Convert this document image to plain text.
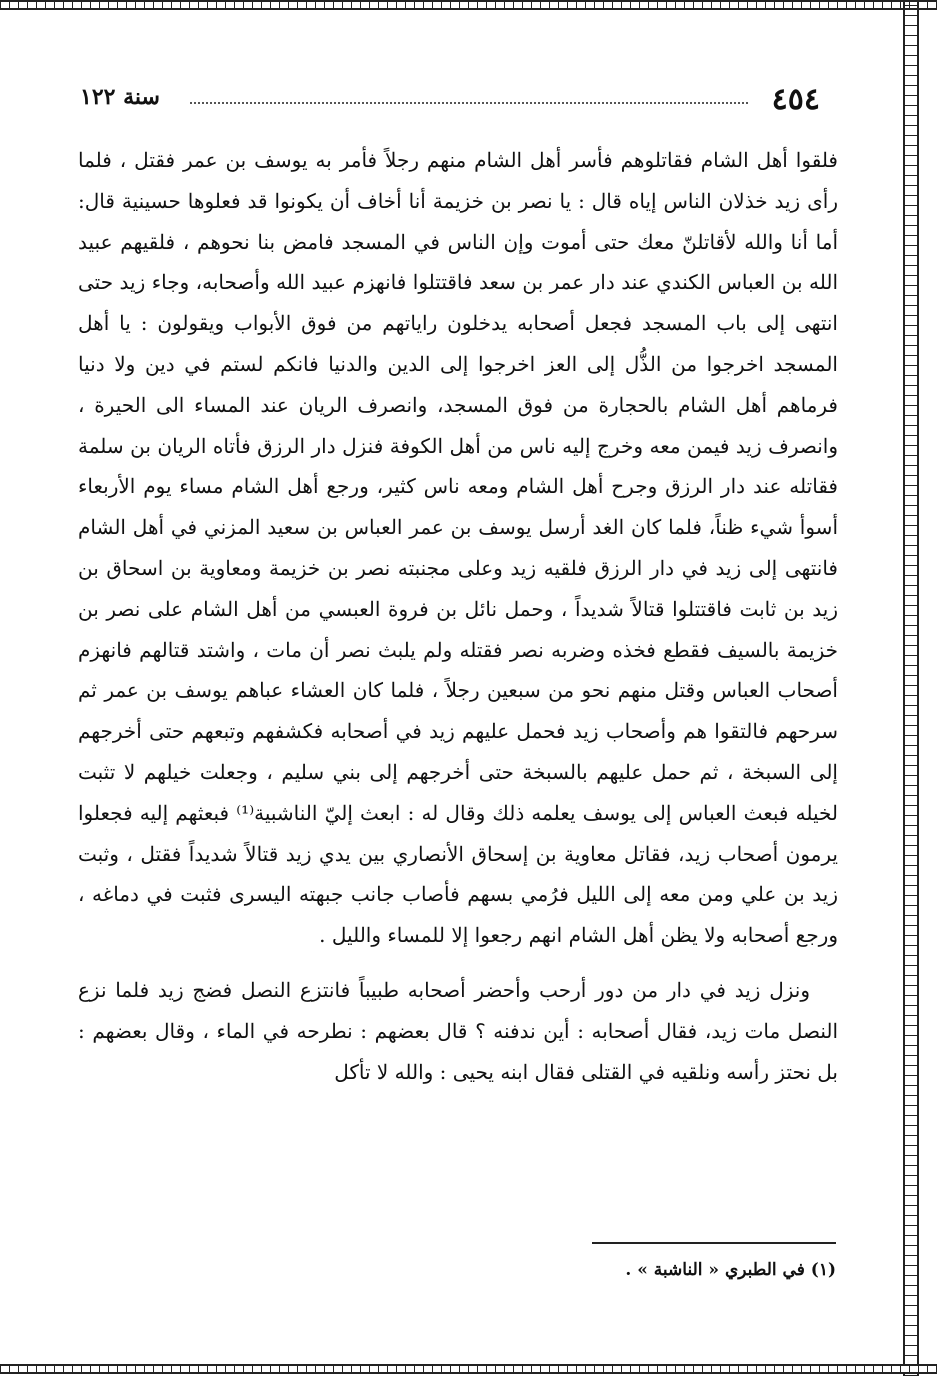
٤٥٤
سنة ١٢٢

فلقوا أهل الشام فقاتلوهم فأسر أهل الشام منهم رجلاً فأمر به يوسف بن عمر فقتل ، فلما رأى زيد خذلان الناس إياه قال : يا نصر بن خزيمة أنا أخاف أن يكونوا قد فعلوها حسينية قال: أما أنا والله لأقاتلنّ معك حتى أموت وإن الناس في المسجد فامض بنا نحوهم ، فلقيهم عبيد الله بن العباس الكندي عند دار عمر بن سعد فاقتتلوا فانهزم عبيد الله وأصحابه، وجاء زيد حتى انتهى إلى باب المسجد فجعل أصحابه يدخلون راياتهم من فوق الأبواب ويقولون : يا أهل المسجد اخرجوا من الذُّل إلى العز اخرجوا إلى الدين والدنيا فانكم لستم في دين ولا دنيا فرماهم أهل الشام بالحجارة من فوق المسجد، وانصرف الريان عند المساء الى الحيرة ، وانصرف زيد فيمن معه وخرج إليه ناس من أهل الكوفة فنزل دار الرزق فأتاه الريان بن سلمة فقاتله عند دار الرزق وجرح أهل الشام ومعه ناس كثير، ورجع أهل الشام مساء يوم الأربعاء أسوأ شيء ظناً، فلما كان الغد أرسل يوسف بن عمر العباس بن سعيد المزني في أهل الشام فانتهى إلى زيد في دار الرزق فلقيه زيد وعلى مجنبته نصر بن خزيمة ومعاوية بن اسحاق بن زيد بن ثابت فاقتتلوا قتالاً شديداً ، وحمل نائل بن فروة العبسي من أهل الشام على نصر بن خزيمة بالسيف فقطع فخذه وضربه نصر فقتله ولم يلبث نصر أن مات ، واشتد قتالهم فانهزم أصحاب العباس وقتل منهم نحو من سبعين رجلاً ، فلما كان العشاء عباهم يوسف بن عمر ثم سرحهم فالتقوا هم وأصحاب زيد فحمل عليهم زيد في أصحابه فكشفهم وتبعهم حتى أخرجهم إلى السبخة ، ثم حمل عليهم بالسبخة حتى أخرجهم إلى بني سليم ، وجعلت خيلهم لا تثبت لخيله فبعث العباس إلى يوسف يعلمه ذلك وقال له : ابعث إليّ الناشبية⁽¹⁾ فبعثهم إليه فجعلوا يرمون أصحاب زيد، فقاتل معاوية بن إسحاق الأنصاري بين يدي زيد قتالاً شديداً فقتل ، وثبت زيد بن علي ومن معه إلى الليل فرُمي بسهم فأصاب جانب جبهته اليسرى فثبت في دماغه ، ورجع أصحابه ولا يظن أهل الشام انهم رجعوا إلا للمساء والليل .

ونزل زيد في دار من دور أرحب وأحضر أصحابه طبيباً فانتزع النصل فضج زيد فلما نزع النصل مات زيد، فقال أصحابه : أين ندفنه ؟ قال بعضهم : نطرحه في الماء ، وقال بعضهم : بل نحتز رأسه ونلقيه في القتلى فقال ابنه يحيى : والله لا تأكل

(١) في الطبري « الناشبة » .
